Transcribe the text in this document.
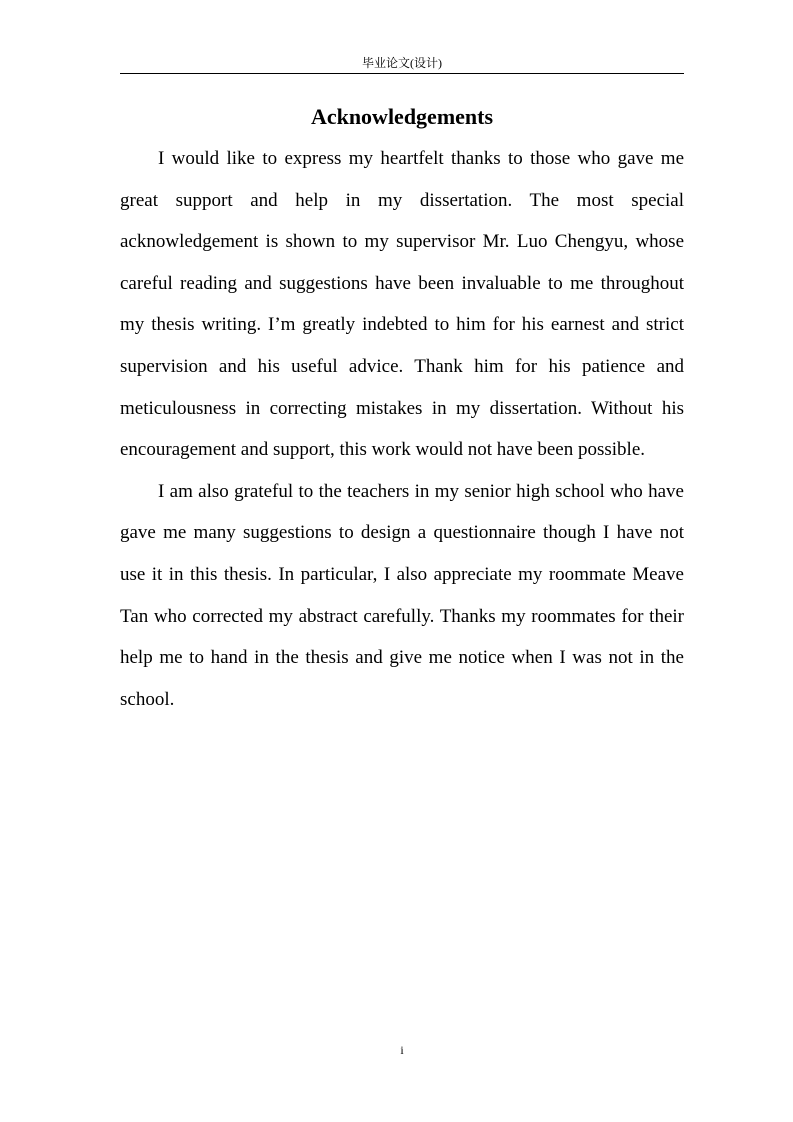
毕业论文(设计)
Acknowledgements

I would like to express my heartfelt thanks to those who gave me great support and help in my dissertation. The most special acknowledgement is shown to my supervisor Mr. Luo Chengyu, whose careful reading and suggestions have been invaluable to me throughout my thesis writing. I’m greatly indebted to him for his earnest and strict supervision and his useful advice. Thank him for his patience and meticulousness in correcting mistakes in my dissertation. Without his encouragement and support, this work would not have been possible.

I am also grateful to the teachers in my senior high school who have gave me many suggestions to design a questionnaire though I have not use it in this thesis. In particular, I also appreciate my roommate Meave Tan who corrected my abstract carefully. Thanks my roommates for their help me to hand in the thesis and give me notice when I was not in the school.

i
